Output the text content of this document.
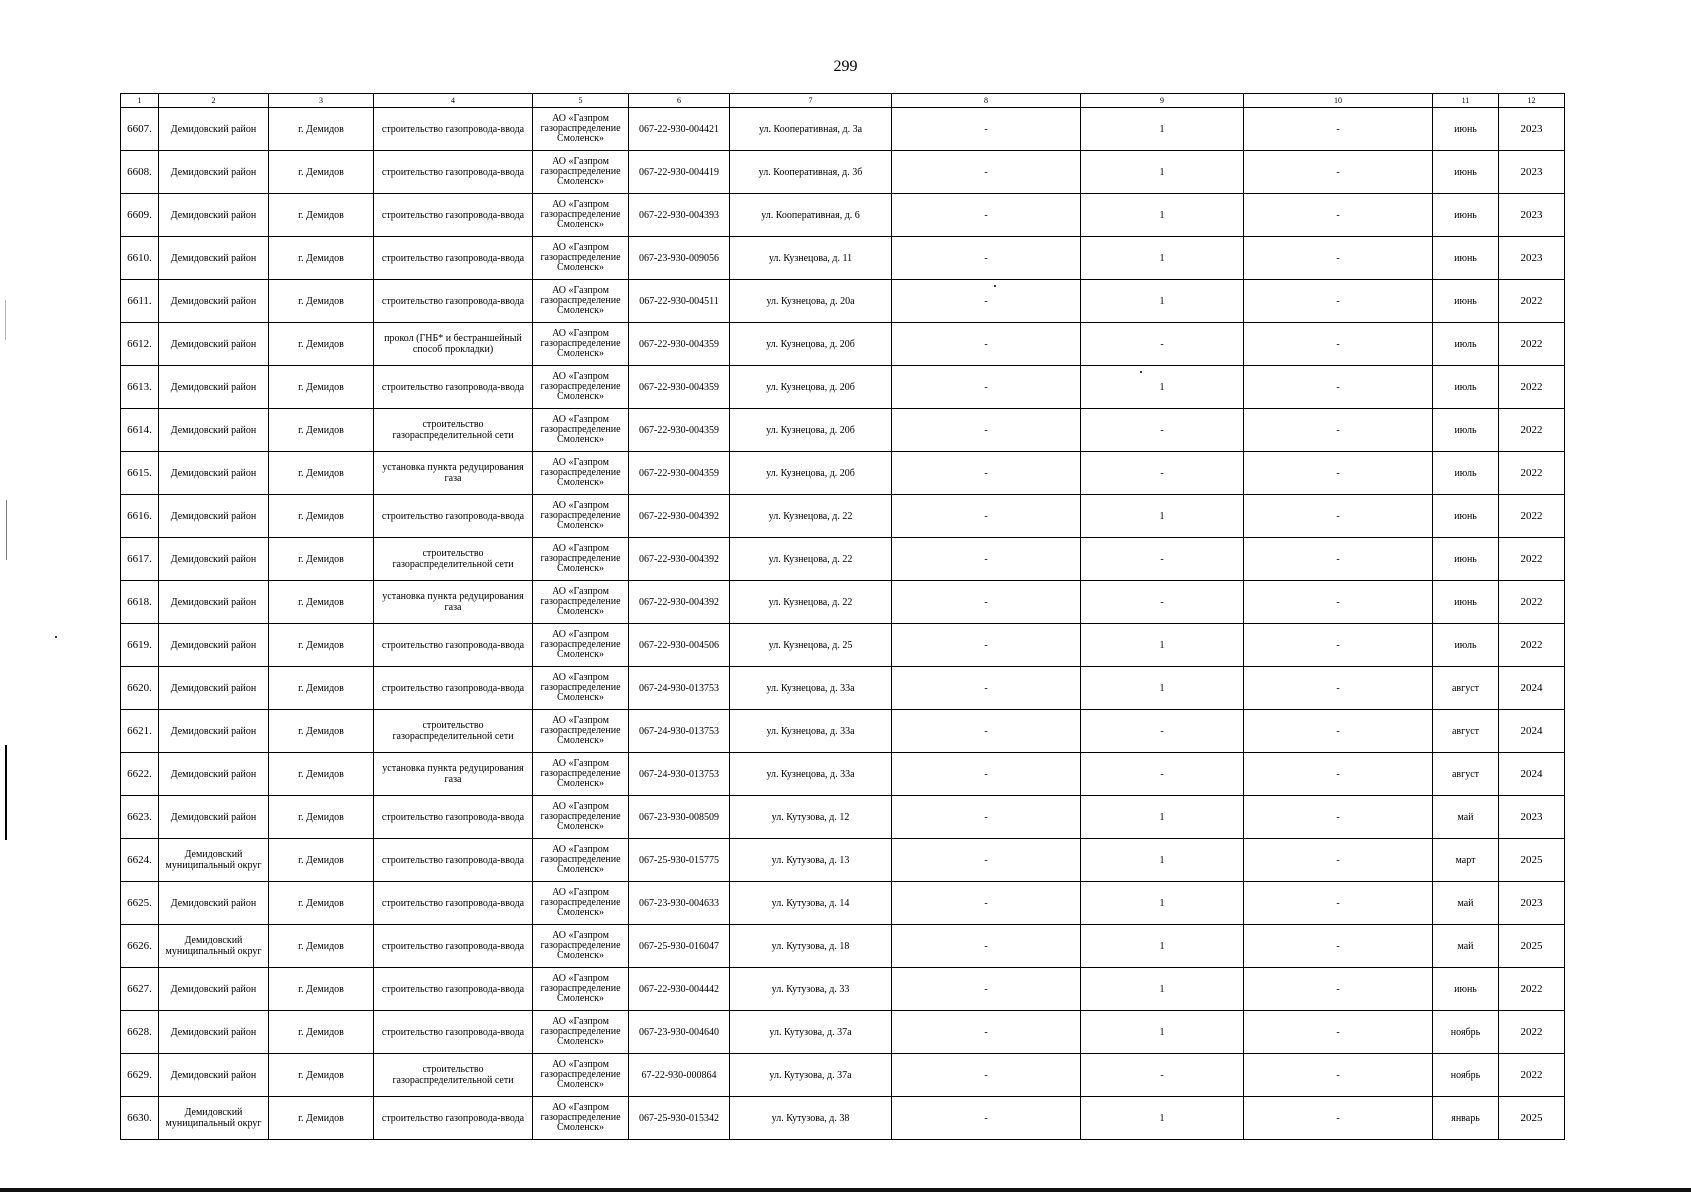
299
1	2	3	4	5	6	7	8	9	10	11	12
6607.	Демидовский район	г. Демидов	строительство газопровода-ввода	АО «Газпром газораспределение Смоленск»	067-22-930-004421	ул. Кооперативная, д. 3а	-	1	-	июнь	2023
6608.	Демидовский район	г. Демидов	строительство газопровода-ввода	АО «Газпром газораспределение Смоленск»	067-22-930-004419	ул. Кооперативная, д. 3б	-	1	-	июнь	2023
6609.	Демидовский район	г. Демидов	строительство газопровода-ввода	АО «Газпром газораспределение Смоленск»	067-22-930-004393	ул. Кооперативная, д. 6	-	1	-	июнь	2023
6610.	Демидовский район	г. Демидов	строительство газопровода-ввода	АО «Газпром газораспределение Смоленск»	067-23-930-009056	ул. Кузнецова, д. 11	-	1	-	июнь	2023
6611.	Демидовский район	г. Демидов	строительство газопровода-ввода	АО «Газпром газораспределение Смоленск»	067-22-930-004511	ул. Кузнецова, д. 20а	-	1	-	июнь	2022
6612.	Демидовский район	г. Демидов	прокол (ГНБ* и бестраншейный способ прокладки)	АО «Газпром газораспределение Смоленск»	067-22-930-004359	ул. Кузнецова, д. 20б	-	-	-	июль	2022
6613.	Демидовский район	г. Демидов	строительство газопровода-ввода	АО «Газпром газораспределение Смоленск»	067-22-930-004359	ул. Кузнецова, д. 20б	-	1	-	июль	2022
6614.	Демидовский район	г. Демидов	строительство газораспределительной сети	АО «Газпром газораспределение Смоленск»	067-22-930-004359	ул. Кузнецова, д. 20б	-	-	-	июль	2022
6615.	Демидовский район	г. Демидов	установка пункта редуцирования газа	АО «Газпром газораспределение Смоленск»	067-22-930-004359	ул. Кузнецова, д. 20б	-	-	-	июль	2022
6616.	Демидовский район	г. Демидов	строительство газопровода-ввода	АО «Газпром газораспределение Смоленск»	067-22-930-004392	ул. Кузнецова, д. 22	-	1	-	июнь	2022
6617.	Демидовский район	г. Демидов	строительство газораспределительной сети	АО «Газпром газораспределение Смоленск»	067-22-930-004392	ул. Кузнецова, д. 22	-	-	-	июнь	2022
6618.	Демидовский район	г. Демидов	установка пункта редуцирования газа	АО «Газпром газораспределение Смоленск»	067-22-930-004392	ул. Кузнецова, д. 22	-	-	-	июнь	2022
6619.	Демидовский район	г. Демидов	строительство газопровода-ввода	АО «Газпром газораспределение Смоленск»	067-22-930-004506	ул. Кузнецова, д. 25	-	1	-	июль	2022
6620.	Демидовский район	г. Демидов	строительство газопровода-ввода	АО «Газпром газораспределение Смоленск»	067-24-930-013753	ул. Кузнецова, д. 33а	-	1	-	август	2024
6621.	Демидовский район	г. Демидов	строительство газораспределительной сети	АО «Газпром газораспределение Смоленск»	067-24-930-013753	ул. Кузнецова, д. 33а	-	-	-	август	2024
6622.	Демидовский район	г. Демидов	установка пункта редуцирования газа	АО «Газпром газораспределение Смоленск»	067-24-930-013753	ул. Кузнецова, д. 33а	-	-	-	август	2024
6623.	Демидовский район	г. Демидов	строительство газопровода-ввода	АО «Газпром газораспределение Смоленск»	067-23-930-008509	ул. Кутузова, д. 12	-	1	-	май	2023
6624.	Демидовский муниципальный округ	г. Демидов	строительство газопровода-ввода	АО «Газпром газораспределение Смоленск»	067-25-930-015775	ул. Кутузова, д. 13	-	1	-	март	2025
6625.	Демидовский район	г. Демидов	строительство газопровода-ввода	АО «Газпром газораспределение Смоленск»	067-23-930-004633	ул. Кутузова, д. 14	-	1	-	май	2023
6626.	Демидовский муниципальный округ	г. Демидов	строительство газопровода-ввода	АО «Газпром газораспределение Смоленск»	067-25-930-016047	ул. Кутузова, д. 18	-	1	-	май	2025
6627.	Демидовский район	г. Демидов	строительство газопровода-ввода	АО «Газпром газораспределение Смоленск»	067-22-930-004442	ул. Кутузова, д. 33	-	1	-	июнь	2022
6628.	Демидовский район	г. Демидов	строительство газопровода-ввода	АО «Газпром газораспределение Смоленск»	067-23-930-004640	ул. Кутузова, д. 37а	-	1	-	ноябрь	2022
6629.	Демидовский район	г. Демидов	строительство газораспределительной сети	АО «Газпром газораспределение Смоленск»	67-22-930-000864	ул. Кутузова, д. 37а	-	-	-	ноябрь	2022
6630.	Демидовский муниципальный округ	г. Демидов	строительство газопровода-ввода	АО «Газпром газораспределение Смоленск»	067-25-930-015342	ул. Кутузова, д. 38	-	1	-	январь	2025
